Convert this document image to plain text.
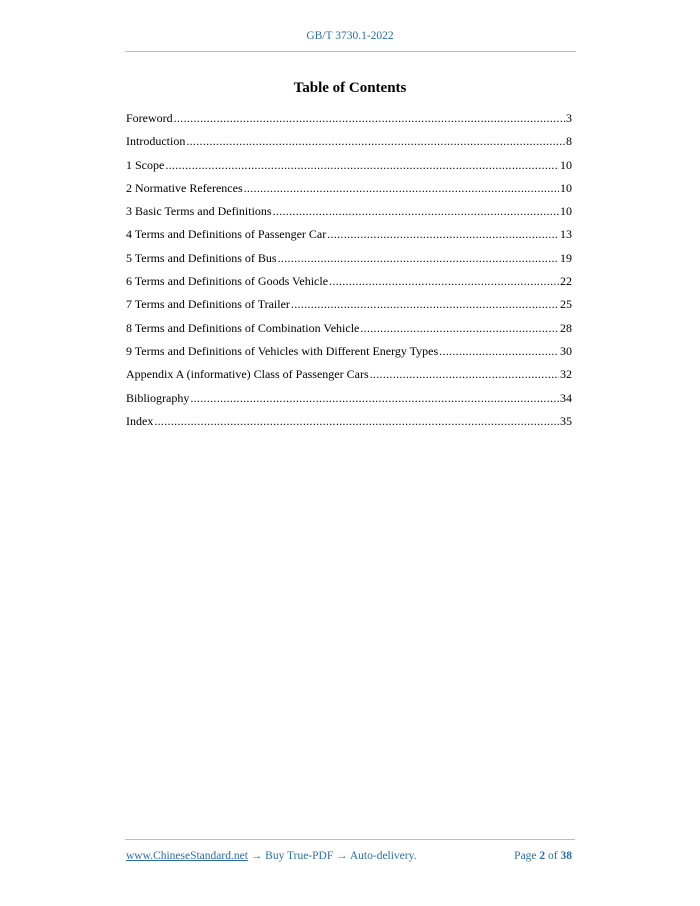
GB/T 3730.1-2022
Table of Contents
Foreword .....	3
Introduction .....	8
1 Scope .....	10
2 Normative References .....	10
3 Basic Terms and Definitions .....	10
4 Terms and Definitions of Passenger Car .....	13
5 Terms and Definitions of Bus .....	19
6 Terms and Definitions of Goods Vehicle .....	22
7 Terms and Definitions of Trailer .....	25
8 Terms and Definitions of Combination Vehicle .....	28
9 Terms and Definitions of Vehicles with Different Energy Types .....	30
Appendix A (informative) Class of Passenger Cars .....	32
Bibliography .....	34
Index .....	35
www.ChineseStandard.net → Buy True-PDF → Auto-delivery.	Page 2 of 38
